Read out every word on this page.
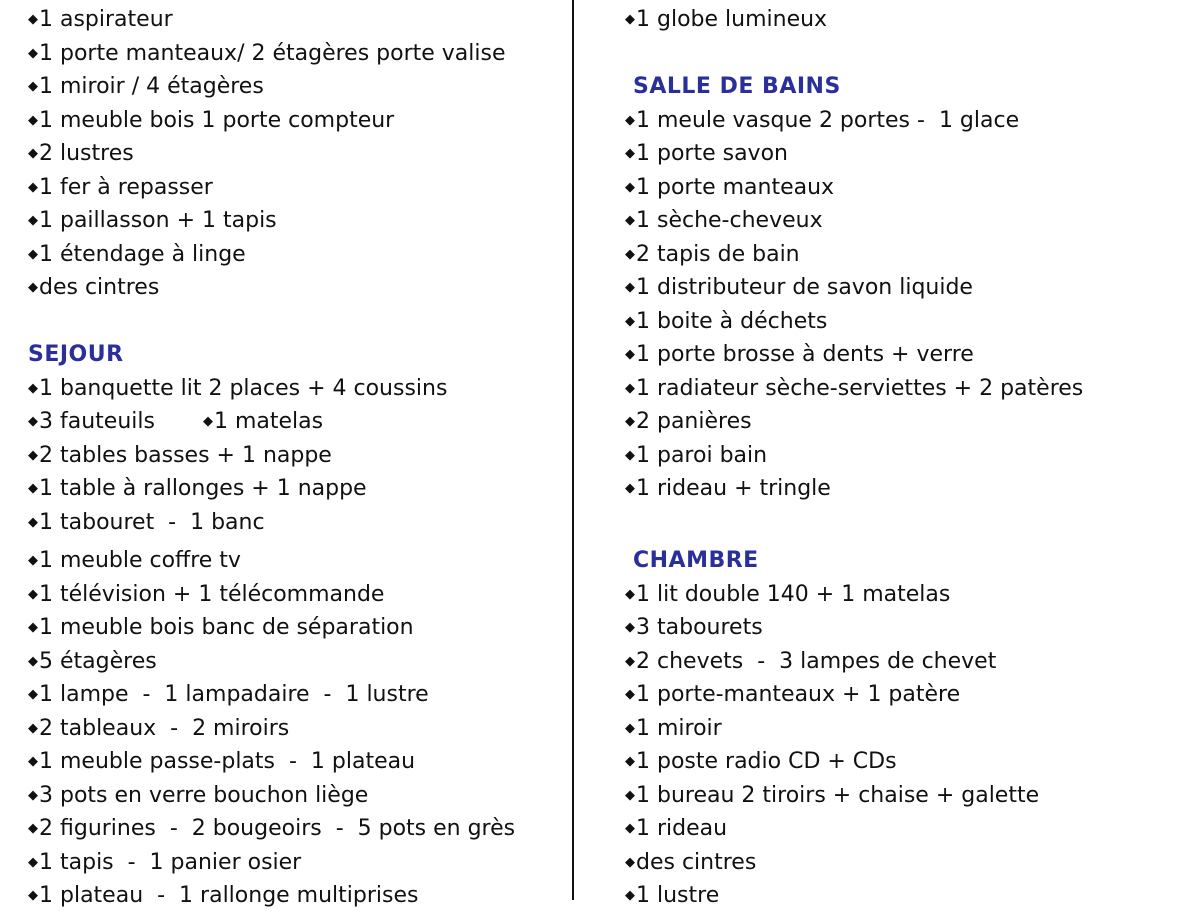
◆1 aspirateur
◆1 porte manteaux/ 2 étagères porte valise
◆1 miroir / 4 étagères
◆1 meuble bois 1 porte compteur
◆2 lustres
◆1 fer à repasser
◆1 paillasson + 1 tapis
◆1 étendage à linge
◆des cintres
SEJOUR
◆1 banquette lit 2 places + 4 coussins
◆3 fauteuils	◆1 matelas
◆2 tables basses + 1 nappe
◆1 table à rallonges + 1 nappe
◆1 tabouret  -  1 banc
◆1 meuble coffre tv
◆1 télévision + 1 télécommande
◆1 meuble bois banc de séparation
◆5 étagères
◆1 lampe  -  1 lampadaire  -  1 lustre
◆2 tableaux  -  2 miroirs
◆1 meuble passe-plats  -  1 plateau
◆3 pots en verre bouchon liège
◆2 figurines  -  2 bougeoirs  -  5 pots en grès
◆1 tapis  -  1 panier osier
◆1 plateau  -  1 rallonge multiprises
◆1 globe lumineux
SALLE DE BAINS
◆1 meule vasque 2 portes -  1 glace
◆1 porte savon
◆1 porte manteaux
◆1 sèche-cheveux
◆2 tapis de bain
◆1 distributeur de savon liquide
◆1 boite à déchets
◆1 porte brosse à dents + verre
◆1 radiateur sèche-serviettes + 2 patères
◆2 panières
◆1 paroi bain
◆1 rideau + tringle
CHAMBRE
◆1 lit double 140 + 1 matelas
◆3 tabourets
◆2 chevets  -  3 lampes de chevet
◆1 porte-manteaux + 1 patère
◆1 miroir
◆1 poste radio CD + CDs
◆1 bureau 2 tiroirs + chaise + galette
◆1 rideau
◆des cintres
◆1 lustre
